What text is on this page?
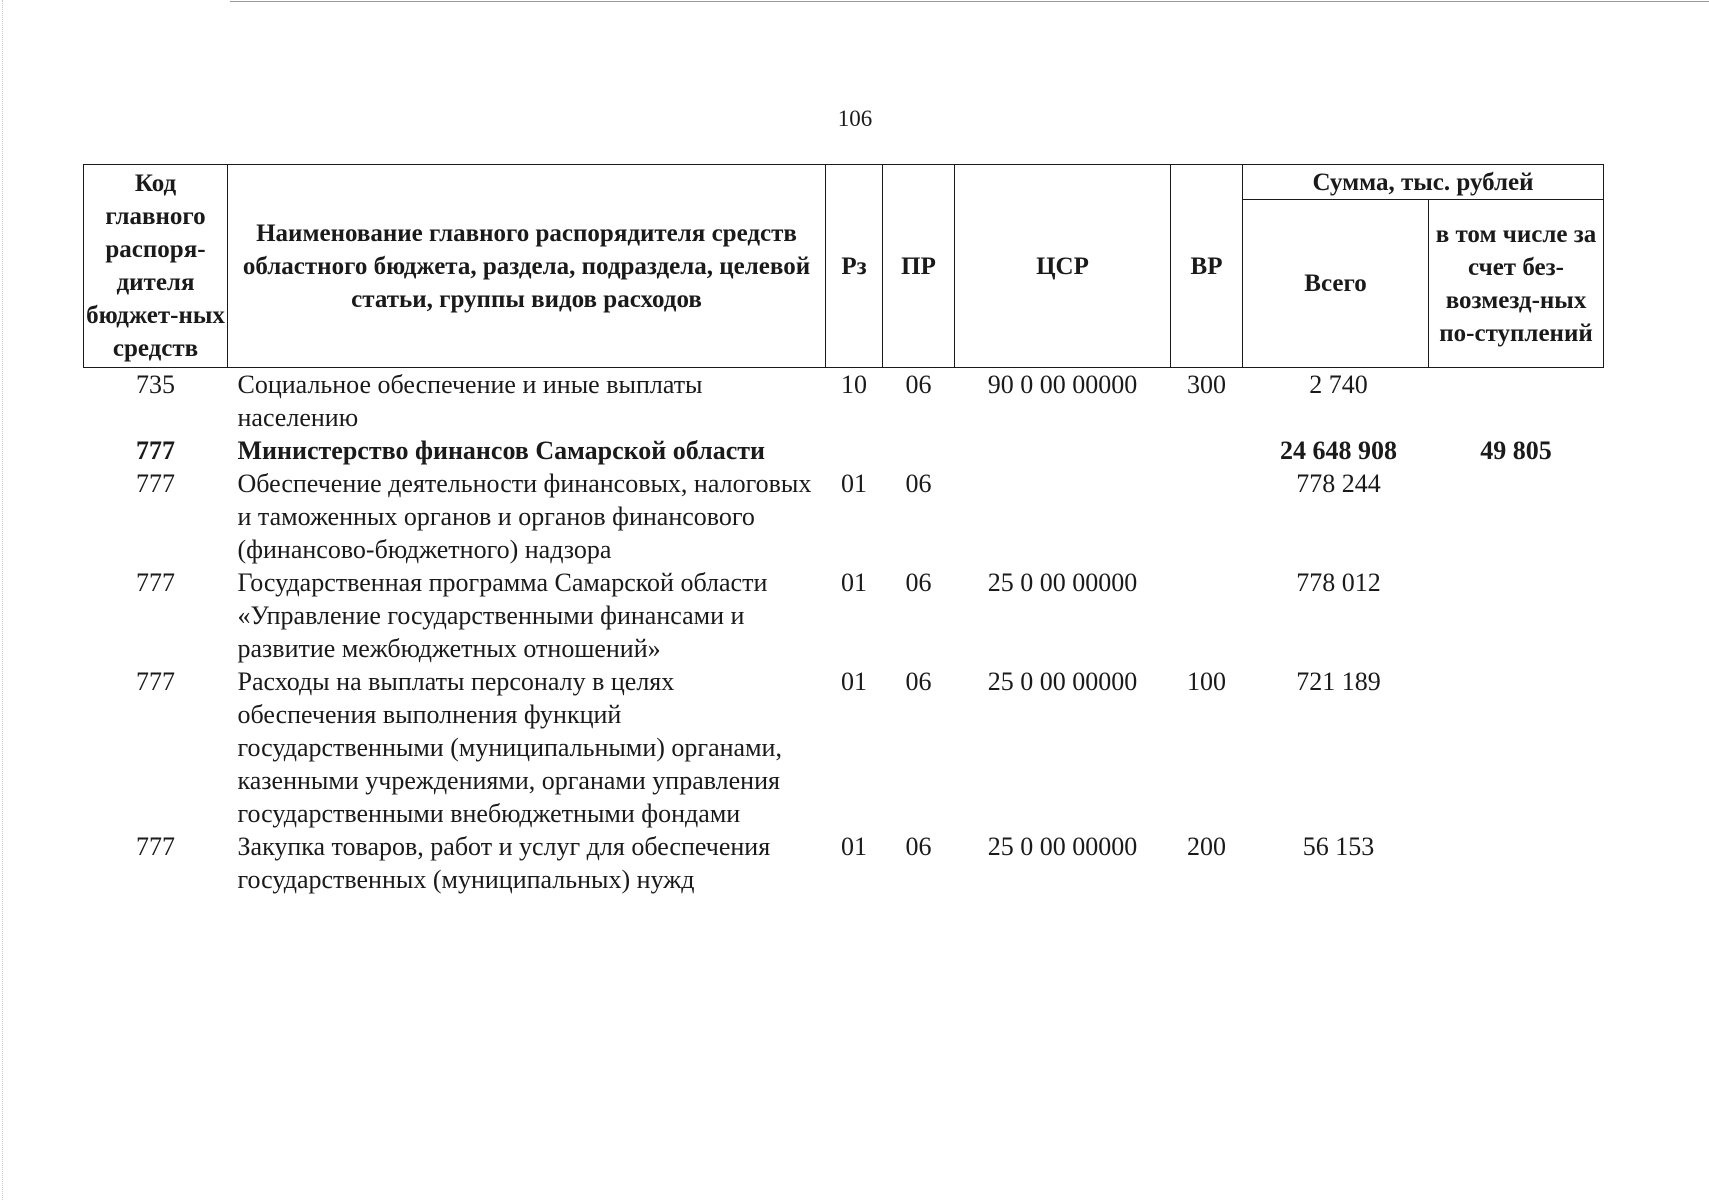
106
Код главного распоря-дителя бюджет-ных средств	Наименование главного распорядителя средств областного бюджета, раздела, подраздела, целевой статьи, группы видов расходов	Рз	ПР	ЦСР	ВР	Сумма, тыс. рублей	
						Всего	в том числе за счет без-возмезд-ных по-ступлений
735	Социальное обеспечение и иные выплаты населению	10	06	90 0 00 00000	300	2 740	
777	Министерство финансов Самарской области					24 648 908	49 805
777	Обеспечение деятельности финансовых, налоговых и таможенных органов и органов финансового (финансово-бюджетного) надзора	01	06			778 244	
777	Государственная программа Самарской области «Управление государственными финансами и развитие межбюджетных отношений»	01	06	25 0 00 00000		778 012	
777	Расходы на выплаты персоналу в целях обеспечения выполнения функций государственными (муниципальными) органами, казенными учреждениями, органами управления государственными внебюджетными фондами	01	06	25 0 00 00000	100	721 189	
777	Закупка товаров, работ и услуг для обеспечения государственных (муниципальных) нужд	01	06	25 0 00 00000	200	56 153	
